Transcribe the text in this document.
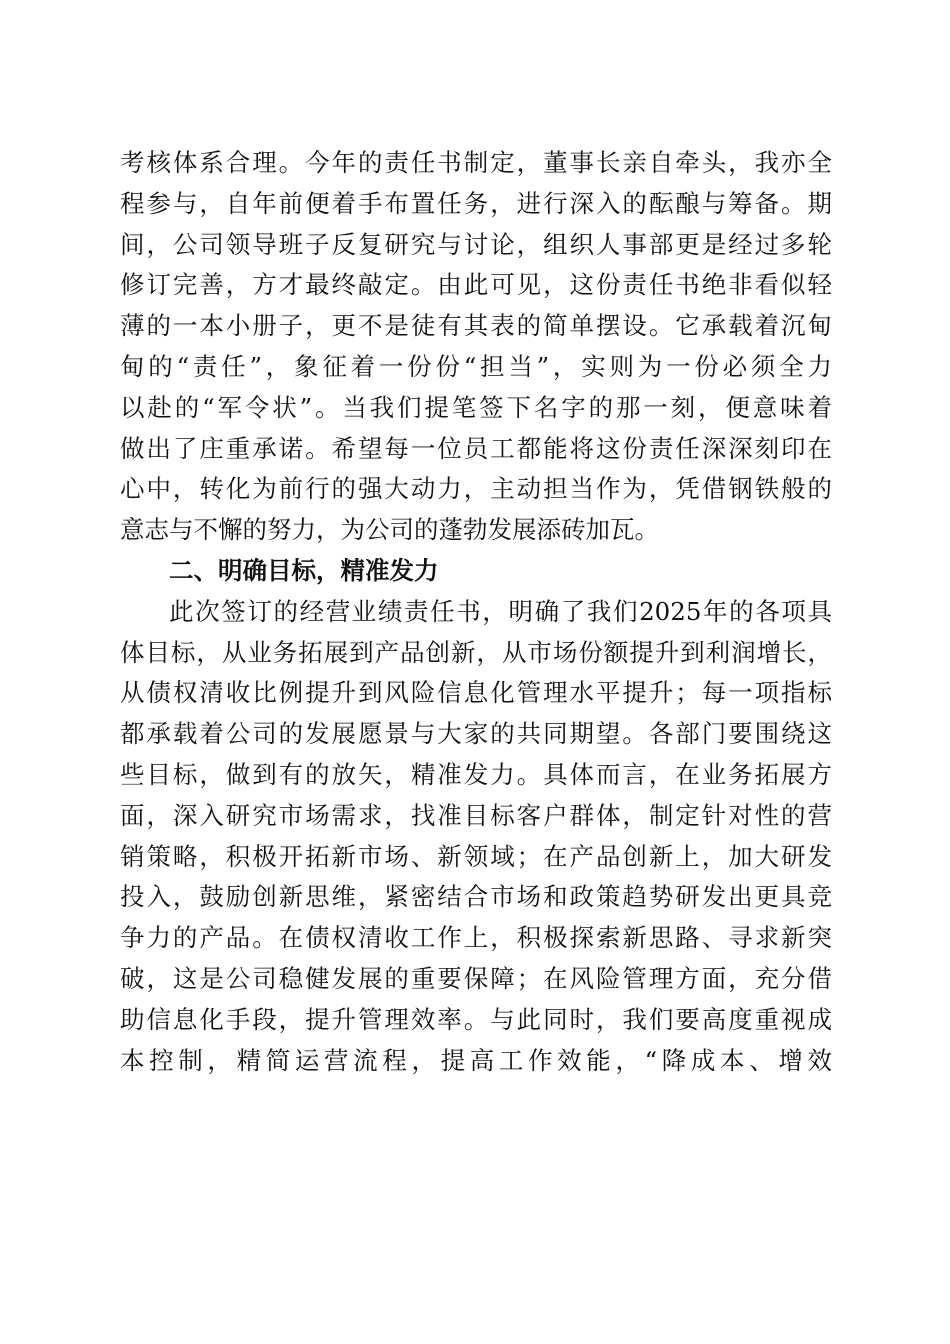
考核体系合理。今年的责任书制定，董事长亲自牵头，我亦全
程参与，自年前便着手布置任务，进行深入的酝酿与筹备。期
间，公司领导班子反复研究与讨论，组织人事部更是经过多轮
修订完善，方才最终敲定。由此可见，这份责任书绝非看似轻
薄的一本小册子，更不是徒有其表的简单摆设。它承载着沉甸
甸的“责任”，象征着一份份“担当”，实则为一份必须全力
以赴的“军令状”。当我们提笔签下名字的那一刻，便意味着
做出了庄重承诺。希望每一位员工都能将这份责任深深刻印在
心中，转化为前行的强大动力，主动担当作为，凭借钢铁般的
意志与不懈的努力，为公司的蓬勃发展添砖加瓦。
二、明确目标，精准发力
此次签订的经营业绩责任书，明确了我们2025年的各项具
体目标，从业务拓展到产品创新，从市场份额提升到利润增长，
从债权清收比例提升到风险信息化管理水平提升；每一项指标
都承载着公司的发展愿景与大家的共同期望。各部门要围绕这
些目标，做到有的放矢，精准发力。具体而言，在业务拓展方
面，深入研究市场需求，找准目标客户群体，制定针对性的营
销策略，积极开拓新市场、新领域；在产品创新上，加大研发
投入，鼓励创新思维，紧密结合市场和政策趋势研发出更具竞
争力的产品。在债权清收工作上，积极探索新思路、寻求新突
破，这是公司稳健发展的重要保障；在风险管理方面，充分借
助信息化手段，提升管理效率。与此同时，我们要高度重视成
本控制，精简运营流程，提高工作效能，“降成本、增效
